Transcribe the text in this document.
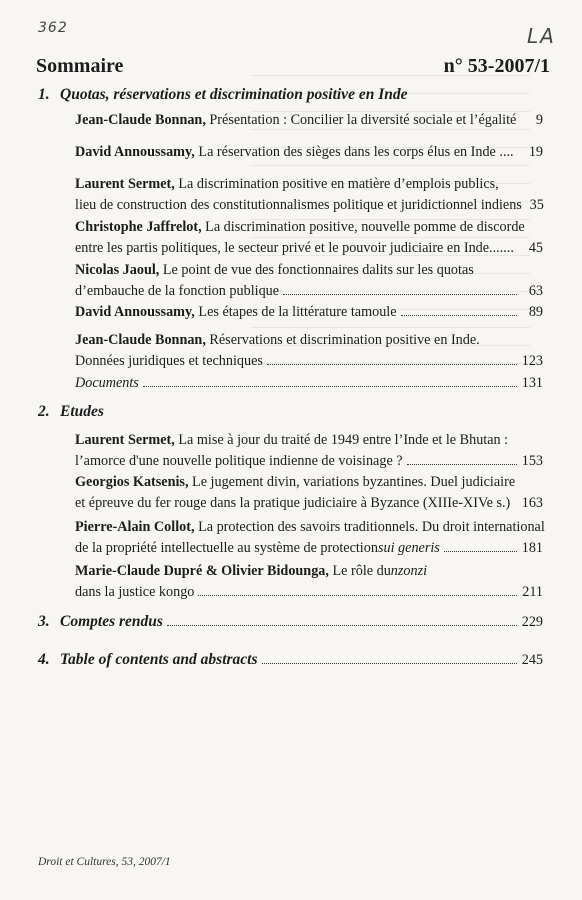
362	LA
Sommaire	n° 53-2007/1
1. Quotas, réservations et discrimination positive en Inde
Jean-Claude Bonnan,
Présentation : Concilier la diversité sociale et l’égalité	9
David Annoussamy,
La réservation des sièges dans les corps élus en Inde ....	19
Laurent Sermet,
La discrimination positive en matière d’emplois publics,
lieu de construction des constitutionnalismes politique et juridictionnel indiens 35
Christophe Jaffrelot,
La discrimination positive, nouvelle pomme de discorde
entre les partis politiques, le secteur privé et le pouvoir judiciaire en Inde.......	45
Nicolas Jaoul,
Le point de vue des fonctionnaires dalits sur les quotas
d’embauche de la fonction publique	63
David Annoussamy,
Les étapes de la littérature tamoule	89
Jean-Claude Bonnan,
Réservations et discrimination positive en Inde.
Données juridiques et techniques	123
Documents	131
2. Etudes
Laurent Sermet,
La mise à jour du traité de 1949 entre l’Inde et le Bhutan :
l’amorce d'une nouvelle politique indienne de voisinage ?	153
Georgios Katsenis,
Le jugement divin, variations byzantines. Duel judiciaire
et épreuve du fer rouge dans la pratique judiciaire à Byzance (XIIIe-XIVe s.) 163
Pierre-Alain Collot,
La protection des savoirs traditionnels. Du droit international
de la propriété intellectuelle au système de protection sui generis	181
Marie-Claude Dupré & Olivier Bidounga,
Le rôle du nzonzi
dans la justice kongo	211
3. Comptes rendus	229
4. Table of contents and abstracts	245
Droit et Cultures, 53, 2007/1
